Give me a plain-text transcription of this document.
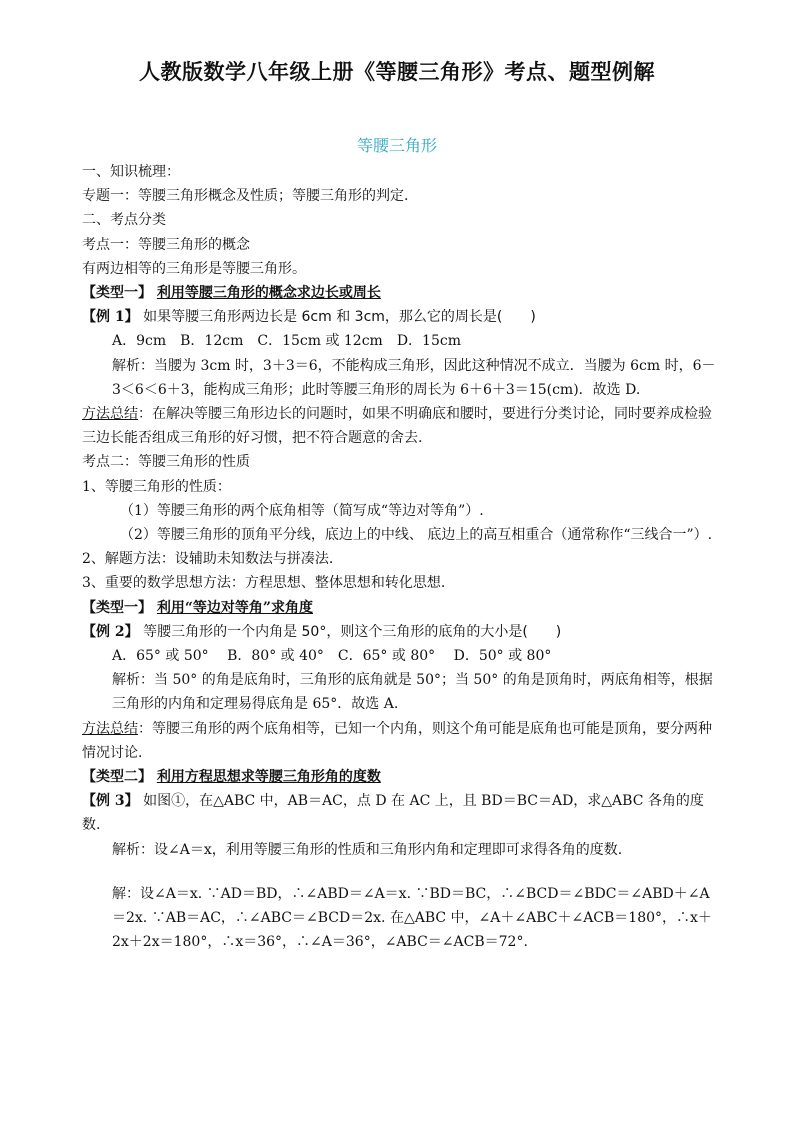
人教版数学八年级上册《等腰三角形》考点、题型例解
等腰三角形

一、知识梳理：

专题一：等腰三角形概念及性质；等腰三角形的判定.

二、考点分类

考点一：等腰三角形的概念

有两边相等的三角形是等腰三角形。

【类型一】 利用等腰三角形的概念求边长或周长

【例 1】 如果等腰三角形两边长是 6cm 和 3cm，那么它的周长是(　　)

A．9cm　B．12cm　C．15cm 或 12cm　D．15cm

解析：当腰为 3cm 时，3＋3＝6，不能构成三角形，因此这种情况不成立．当腰为 6cm 时，6－3＜6＜6＋3，能构成三角形；此时等腰三角形的周长为 6＋6＋3＝15(cm)．故选 D.

方法总结：在解决等腰三角形边长的问题时，如果不明确底和腰时，要进行分类讨论，同时要养成检验三边长能否组成三角形的好习惯，把不符合题意的舍去.

考点二：等腰三角形的性质

1、等腰三角形的性质：

（1）等腰三角形的两个底角相等（简写成“等边对等角”）.

（2）等腰三角形的顶角平分线，底边上的中线、 底边上的高互相重合（通常称作“三线合一”）.

2、解题方法：设辅助未知数法与拼凑法.

3、重要的数学思想方法：方程思想、整体思想和转化思想.

【类型一】 利用“等边对等角”求角度

【例 2】 等腰三角形的一个内角是 50°，则这个三角形的底角的大小是(　　)

A．65° 或 50°　 B．80° 或 40°　C．65° 或 80°　 D．50° 或 80°

解析：当 50° 的角是底角时，三角形的底角就是 50°；当 50° 的角是顶角时，两底角相等，根据三角形的内角和定理易得底角是 65°．故选 A.

方法总结：等腰三角形的两个底角相等，已知一个内角，则这个角可能是底角也可能是顶角，要分两种情况讨论.

【类型二】 利用方程思想求等腰三角形角的度数

【例 3】 如图①，在△ABC 中，AB＝AC，点 D 在 AC 上，且 BD＝BC＝AD，求△ABC 各角的度数.

解析：设∠A＝x，利用等腰三角形的性质和三角形内角和定理即可求得各角的度数.

解：设∠A＝x. ∵AD＝BD，∴∠ABD＝∠A＝x. ∵BD＝BC，∴∠BCD＝∠BDC＝∠ABD＋∠A＝2x. ∵AB＝AC，∴∠ABC＝∠BCD＝2x. 在△ABC 中，∠A＋∠ABC＋∠ACB＝180°，∴x＋2x＋2x＝180°，∴x＝36°，∴∠A＝36°，∠ABC＝∠ACB＝72°.
